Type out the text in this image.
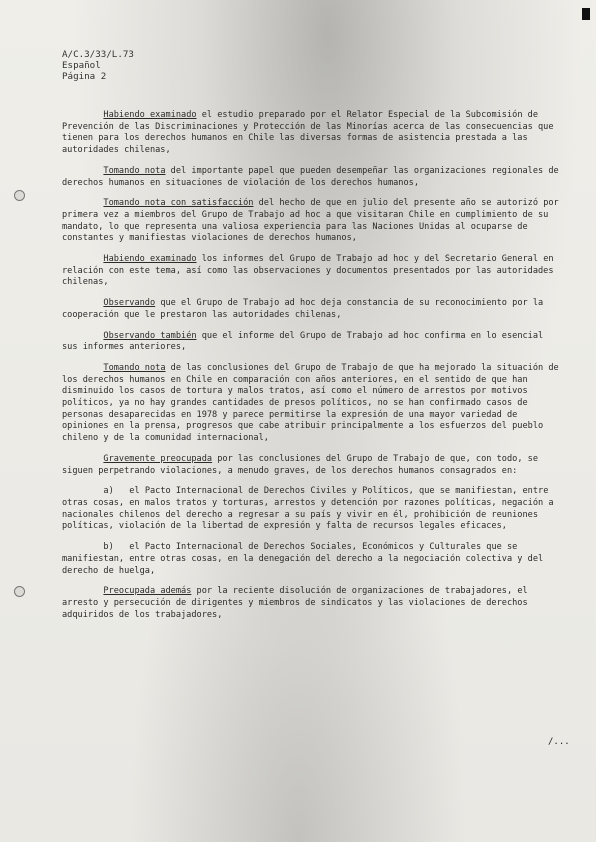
A/C.3/33/L.73
Español
Página 2

Habiendo examinado el estudio preparado por el Relator Especial de la Subcomisión de Prevención de las Discriminaciones y Protección de las Minorías acerca de las consecuencias que tienen para los derechos humanos en Chile las diversas formas de asistencia prestada a las autoridades chilenas,

Tomando nota del importante papel que pueden desempeñar las organizaciones regionales de derechos humanos en situaciones de violación de los derechos humanos,

Tomando nota con satisfacción del hecho de que en julio del presente año se autorizó por primera vez a miembros del Grupo de Trabajo ad hoc a que visitaran Chile en cumplimiento de su mandato, lo que representa una valiosa experiencia para las Naciones Unidas al ocuparse de constantes y manifiestas violaciones de derechos humanos,

Habiendo examinado los informes del Grupo de Trabajo ad hoc y del Secretario General en relación con este tema, así como las observaciones y documentos presentados por las autoridades chilenas,

Observando que el Grupo de Trabajo ad hoc deja constancia de su reconocimiento por la cooperación que le prestaron las autoridades chilenas,

Observando también que el informe del Grupo de Trabajo ad hoc confirma en lo esencial sus informes anteriores,

Tomando nota de las conclusiones del Grupo de Trabajo de que ha mejorado la situación de los derechos humanos en Chile en comparación con años anteriores, en el sentido de que han disminuido los casos de tortura y malos tratos, así como el número de arrestos por motivos políticos, ya no hay grandes cantidades de presos políticos, no se han confirmado casos de personas desaparecidas en 1978 y parece permitirse la expresión de una mayor variedad de opiniones en la prensa, progresos que cabe atribuir principalmente a los esfuerzos del pueblo chileno y de la comunidad internacional,

Gravemente preocupada por las conclusiones del Grupo de Trabajo de que, con todo, se siguen perpetrando violaciones, a menudo graves, de los derechos humanos consagrados en:

a) el Pacto Internacional de Derechos Civiles y Políticos, que se manifiestan, entre otras cosas, en malos tratos y torturas, arrestos y detención por razones políticas, negación a nacionales chilenos del derecho a regresar a su país y vivir en él, prohibición de reuniones políticas, violación de la libertad de expresión y falta de recursos legales eficaces,

b) el Pacto Internacional de Derechos Sociales, Económicos y Culturales que se manifiestan, entre otras cosas, en la denegación del derecho a la negociación colectiva y del derecho de huelga,

Preocupada además por la reciente disolución de organizaciones de trabajadores, el arresto y persecución de dirigentes y miembros de sindicatos y las violaciones de derechos adquiridos de los trabajadores,

/...
